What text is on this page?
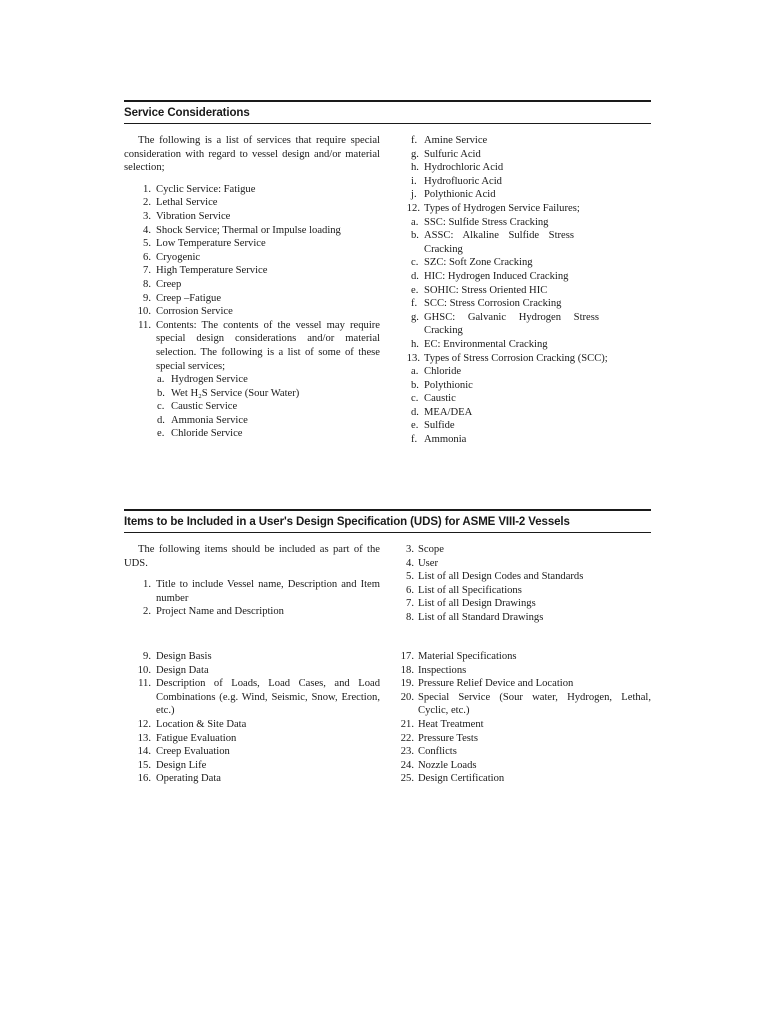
Service Considerations

The following is a list of services that require special consideration with regard to vessel design and/or material selection;

1. Cyclic Service: Fatigue
2. Lethal Service
3. Vibration Service
4. Shock Service; Thermal or Impulse loading
5. Low Temperature Service
6. Cryogenic
7. High Temperature Service
8. Creep
9. Creep –Fatigue
10. Corrosion Service
11. Contents: The contents of the vessel may require special design considerations and/or material selection. The following is a list of some of these special services;
a. Hydrogen Service
b. Wet H₂S Service (Sour Water)
c. Caustic Service
d. Ammonia Service
e. Chloride Service
f. Amine Service
g. Sulfuric Acid
h. Hydrochloric Acid
i. Hydrofluoric Acid
j. Polythionic Acid
12. Types of Hydrogen Service Failures;
a. SSC: Sulfide Stress Cracking
b. ASSC: Alkaline Sulfide Stress Cracking
c. SZC: Soft Zone Cracking
d. HIC: Hydrogen Induced Cracking
e. SOHIC: Stress Oriented HIC
f. SCC: Stress Corrosion Cracking
g. GHSC: Galvanic Hydrogen Stress Cracking
h. EC: Environmental Cracking
13. Types of Stress Corrosion Cracking (SCC);
a. Chloride
b. Polythionic
c. Caustic
d. MEA/DEA
e. Sulfide
f. Ammonia
Items to be Included in a User's Design Specification (UDS) for ASME VIII-2 Vessels

The following items should be included as part of the UDS.

1. Title to include Vessel name, Description and Item number
2. Project Name and Description
3. Scope
4. User
5. List of all Design Codes and Standards
6. List of all Specifications
7. List of all Design Drawings
8. List of all Standard Drawings
9. Design Basis
10. Design Data
11. Description of Loads, Load Cases, and Load Combinations (e.g. Wind, Seismic, Snow, Erection, etc.)
12. Location & Site Data
13. Fatigue Evaluation
14. Creep Evaluation
15. Design Life
16. Operating Data
17. Material Specifications
18. Inspections
19. Pressure Relief Device and Location
20. Special Service (Sour water, Hydrogen, Lethal, Cyclic, etc.)
21. Heat Treatment
22. Pressure Tests
23. Conflicts
24. Nozzle Loads
25. Design Certification
